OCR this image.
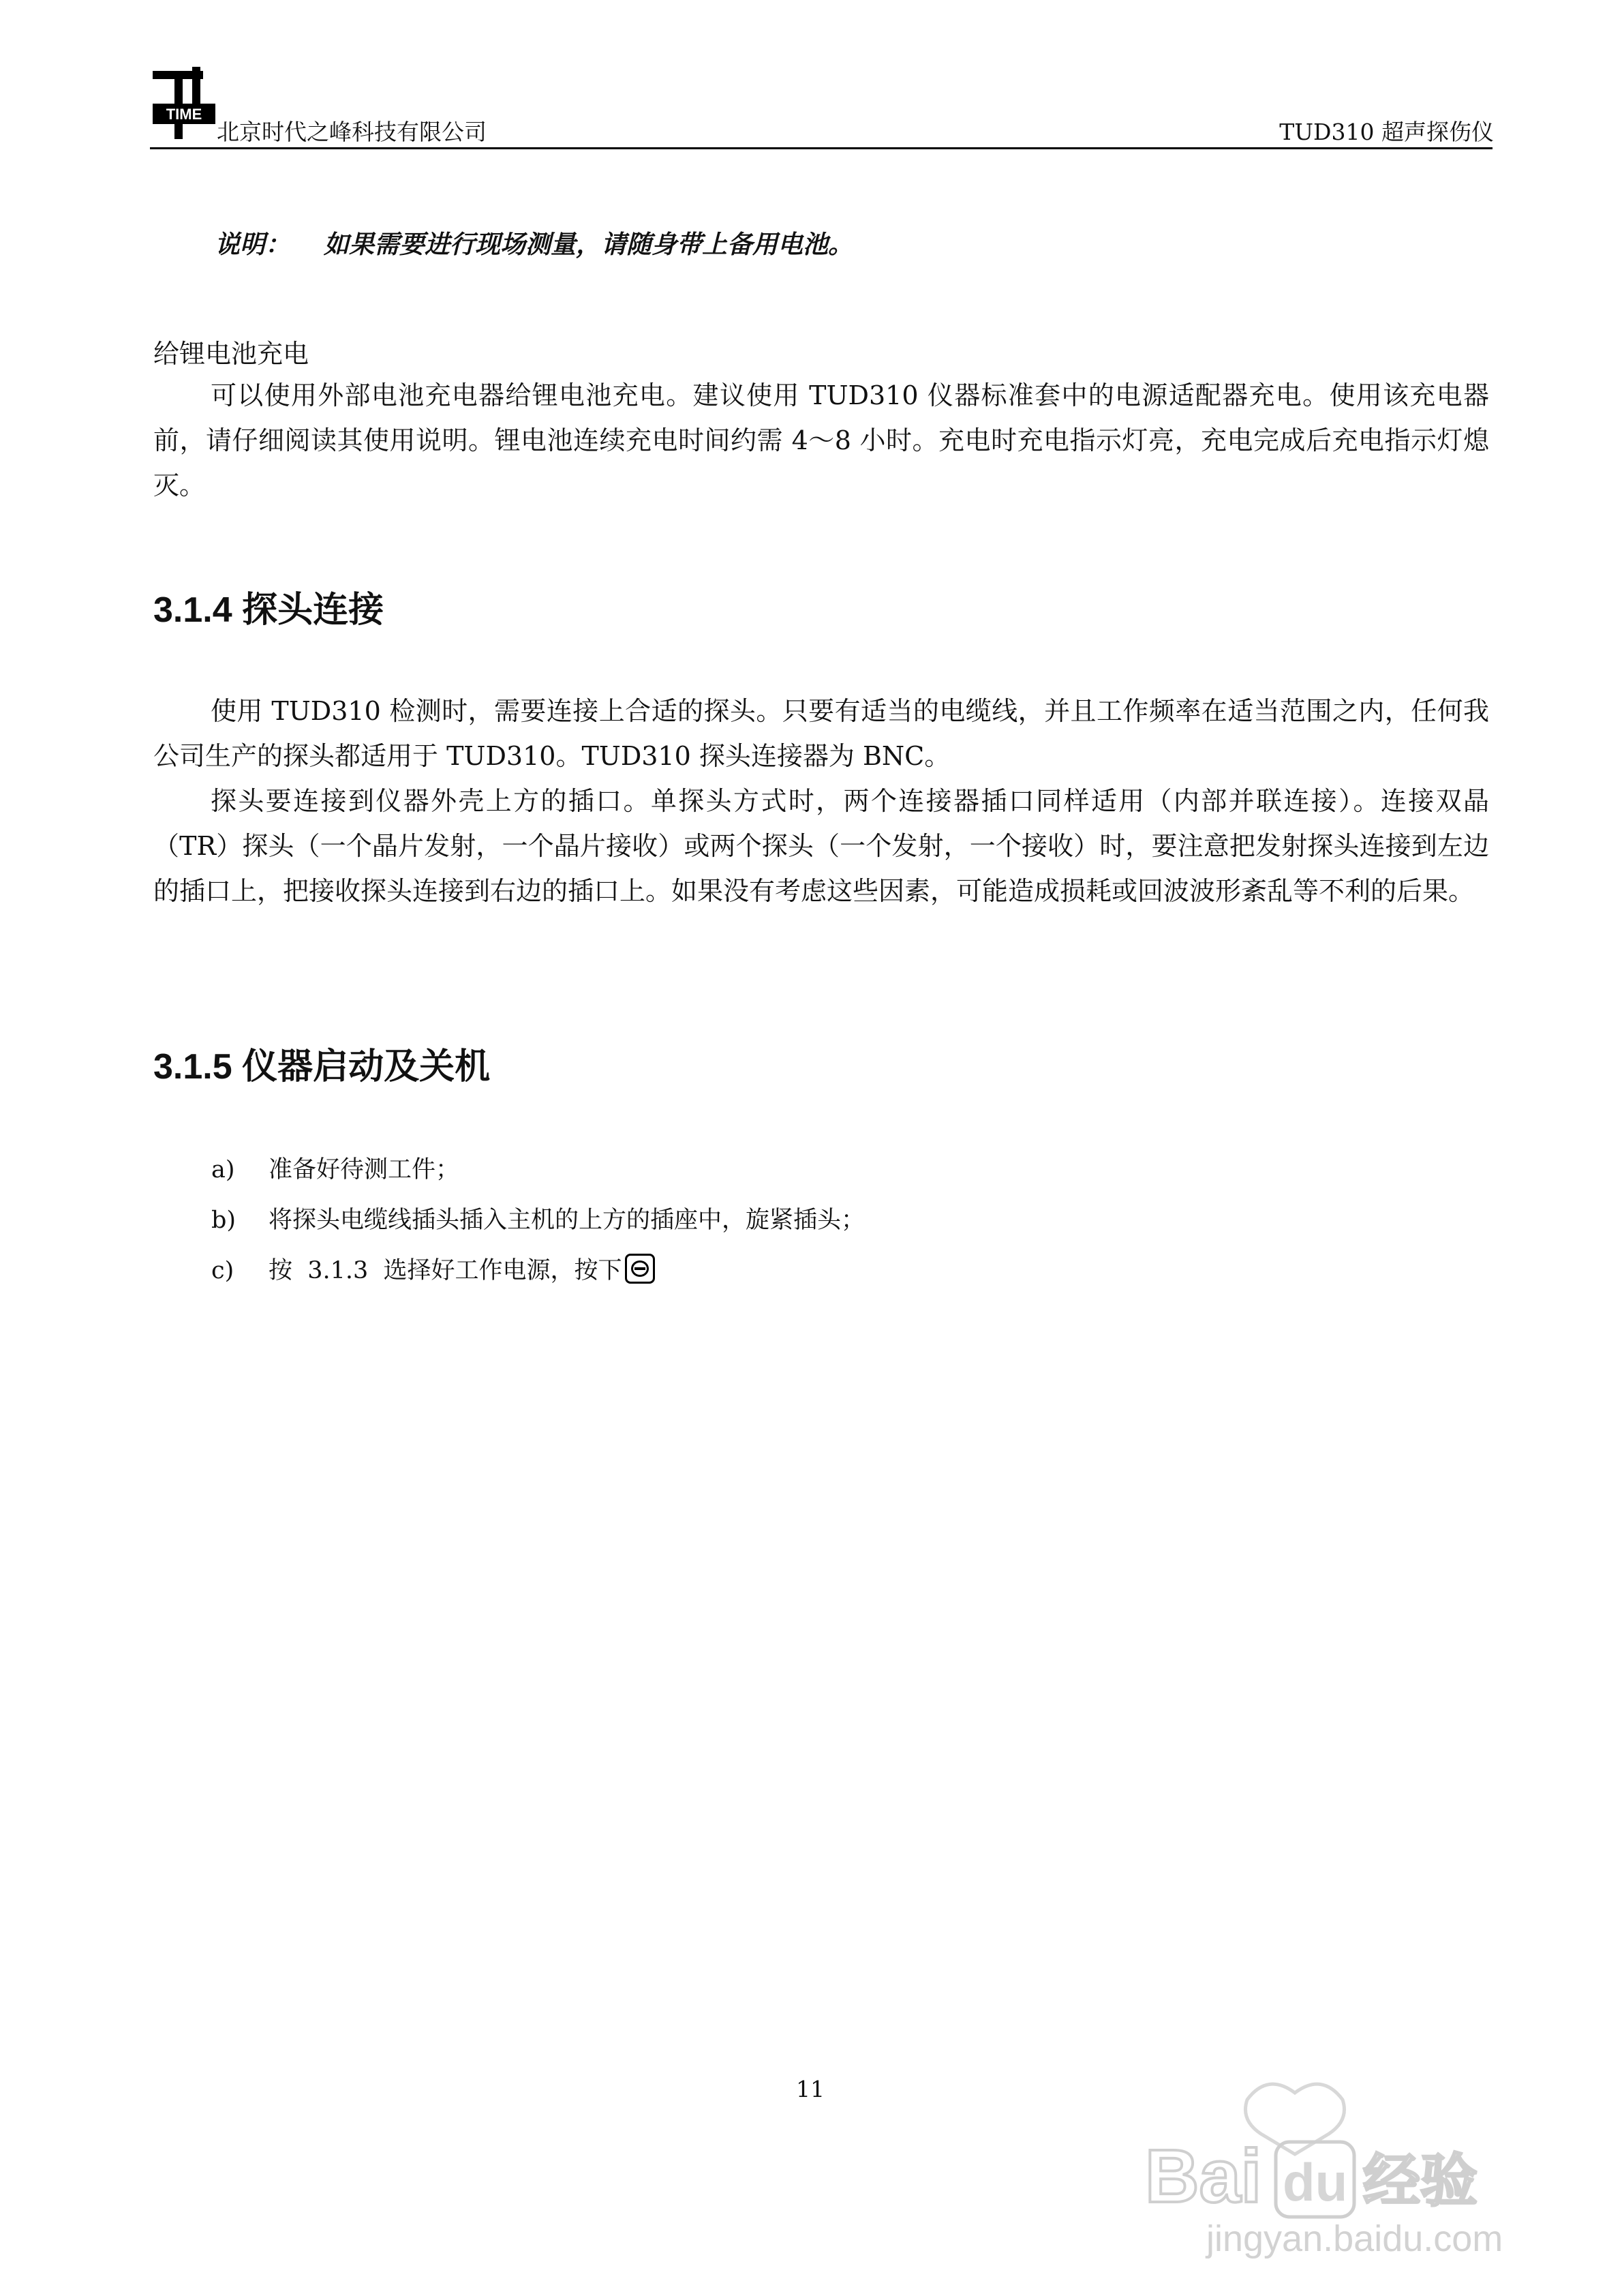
TIME
北京时代之峰科技有限公司	TUD310 超声探伤仪
说明： 如果需要进行现场测量，请随身带上备用电池。
给锂电池充电

可以使用外部电池充电器给锂电池充电。建议使用 TUD310 仪器标准套中的电源适配器充电。使用该充电器前，请仔细阅读其使用说明。锂电池连续充电时间约需 4～8 小时。充电时充电指示灯亮，充电完成后充电指示灯熄灭。

3.1.4 探头连接

使用 TUD310 检测时，需要连接上合适的探头。只要有适当的电缆线，并且工作频率在适当范围之内，任何我公司生产的探头都适用于 TUD310。TUD310 探头连接器为 BNC。

探头要连接到仪器外壳上方的插口。单探头方式时，两个连接器插口同样适用（内部并联连接）。连接双晶（TR）探头（一个晶片发射，一个晶片接收）或两个探头（一个发射，一个接收）时，要注意把发射探头连接到左边的插口上，把接收探头连接到右边的插口上。如果没有考虑这些因素，可能造成损耗或回波波形紊乱等不利的后果。

3.1.5 仪器启动及关机
a) 准备好待测工件；
b) 将探头电缆线插头插入主机的上方的插座中，旋紧插头；
c) 按  3.1.3  选择好工作电源，按下
11
Bai du 经验
jingyan.baidu.com
